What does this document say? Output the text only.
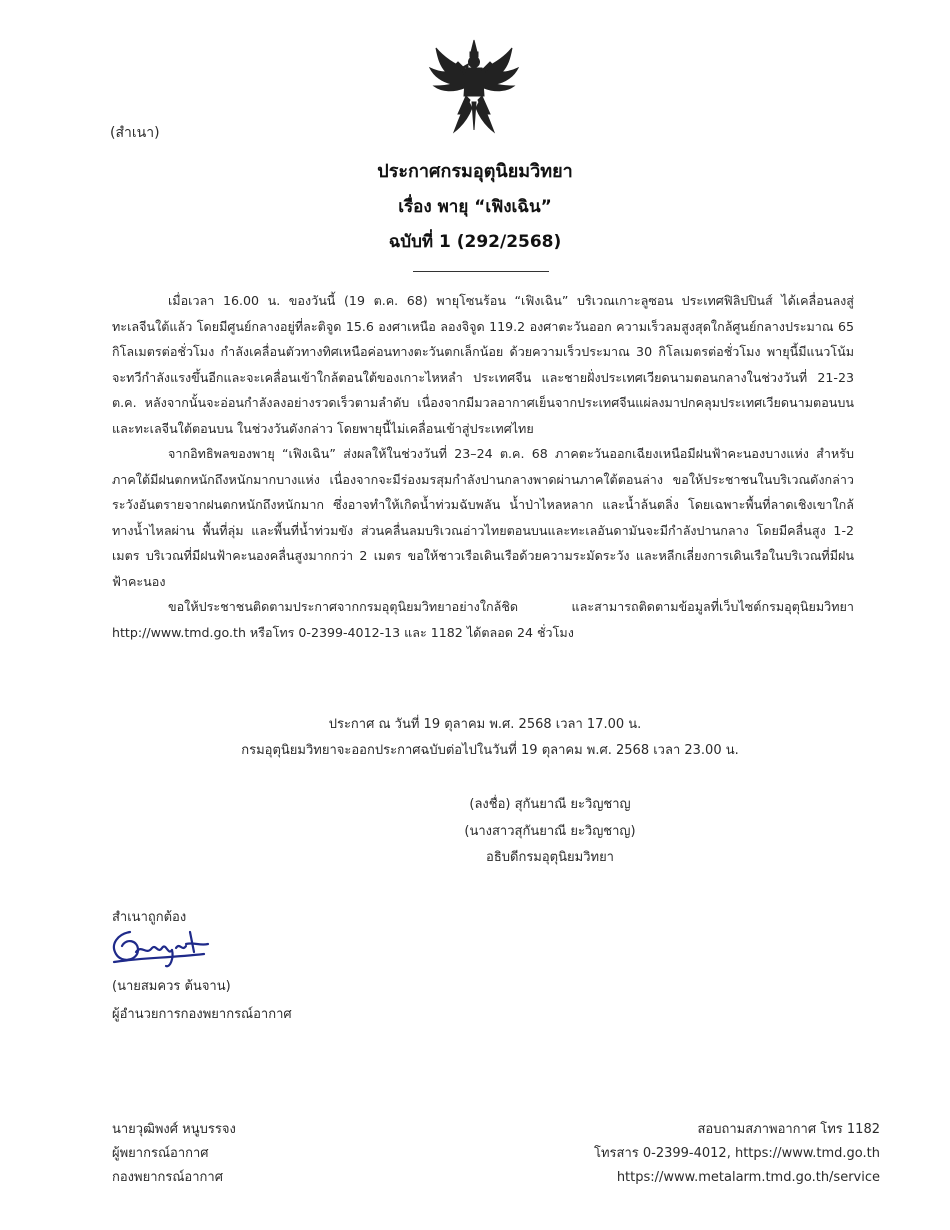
(สำเนา)
ประกาศกรมอุตุนิยมวิทยา
เรื่อง พายุ “เฟิงเฉิน”
ฉบับที่ 1 (292/2568)

เมื่อเวลา 16.00 น. ของวันนี้ (19 ต.ค. 68) พายุโซนร้อน “เฟิงเฉิน” บริเวณเกาะลูซอน ประเทศฟิลิปปินส์ ได้เคลื่อนลงสู่ทะเลจีนใต้แล้ว โดยมีศูนย์กลางอยู่ที่ละติจูด 15.6 องศาเหนือ ลองจิจูด 119.2 องศาตะวันออก ความเร็วลมสูงสุดใกล้ศูนย์กลางประมาณ 65 กิโลเมตรต่อชั่วโมง กำลังเคลื่อนตัวทางทิศเหนือค่อนทางตะวันตกเล็กน้อย ด้วยความเร็วประมาณ 30 กิโลเมตรต่อชั่วโมง พายุนี้มีแนวโน้มจะทวีกำลังแรงขึ้นอีกและจะเคลื่อนเข้าใกล้ตอนใต้ของเกาะไหหลำ ประเทศจีน และชายฝั่งประเทศเวียดนามตอนกลางในช่วงวันที่ 21-23 ต.ค. หลังจากนั้นจะอ่อนกำลังลงอย่างรวดเร็วตามลำดับ เนื่องจากมีมวลอากาศเย็นจากประเทศจีนแผ่ลงมาปกคลุมประเทศเวียดนามตอนบนและทะเลจีนใต้ตอนบน ในช่วงวันดังกล่าว โดยพายุนี้ไม่เคลื่อนเข้าสู่ประเทศไทย

จากอิทธิพลของพายุ “เฟิงเฉิน” ส่งผลให้ในช่วงวันที่ 23–24 ต.ค. 68 ภาคตะวันออกเฉียงเหนือมีฝนฟ้าคะนองบางแห่ง สำหรับภาคใต้มีฝนตกหนักถึงหนักมากบางแห่ง เนื่องจากจะมีร่องมรสุมกำลังปานกลางพาดผ่านภาคใต้ตอนล่าง ขอให้ประชาชนในบริเวณดังกล่าวระวังอันตรายจากฝนตกหนักถึงหนักมาก ซึ่งอาจทำให้เกิดน้ำท่วมฉับพลัน น้ำป่าไหลหลาก และน้ำล้นตลิ่ง โดยเฉพาะพื้นที่ลาดเชิงเขาใกล้ทางน้ำไหลผ่าน พื้นที่ลุ่ม และพื้นที่น้ำท่วมขัง ส่วนคลื่นลมบริเวณอ่าวไทยตอนบนและทะเลอันดามันจะมีกำลังปานกลาง โดยมีคลื่นสูง 1-2 เมตร บริเวณที่มีฝนฟ้าคะนองคลื่นสูงมากกว่า 2 เมตร ขอให้ชาวเรือเดินเรือด้วยความระมัดระวัง และหลีกเลี่ยงการเดินเรือในบริเวณที่มีฝนฟ้าคะนอง

ขอให้ประชาชนติดตามประกาศจากกรมอุตุนิยมวิทยาอย่างใกล้ชิด และสามารถติดตามข้อมูลที่เว็บไซต์กรมอุตุนิยมวิทยา http://www.tmd.go.th หรือโทร 0-2399-4012-13 และ 1182 ได้ตลอด 24 ชั่วโมง

ประกาศ ณ วันที่ 19 ตุลาคม พ.ศ. 2568 เวลา 17.00 น.
กรมอุตุนิยมวิทยาจะออกประกาศฉบับต่อไปในวันที่ 19 ตุลาคม พ.ศ. 2568 เวลา 23.00 น.
(ลงชื่อ) สุกันยาณี ยะวิญชาญ
(นางสาวสุกันยาณี ยะวิญชาญ)
อธิบดีกรมอุตุนิยมวิทยา
สำเนาถูกต้อง
(นายสมควร ต้นจาน)
ผู้อำนวยการกองพยากรณ์อากาศ
นายวุฒิพงศ์ หนูบรรจง
ผู้พยากรณ์อากาศ
กองพยากรณ์อากาศ
สอบถามสภาพอากาศ โทร 1182
โทรสาร 0-2399-4012, https://www.tmd.go.th
https://www.metalarm.tmd.go.th/service
